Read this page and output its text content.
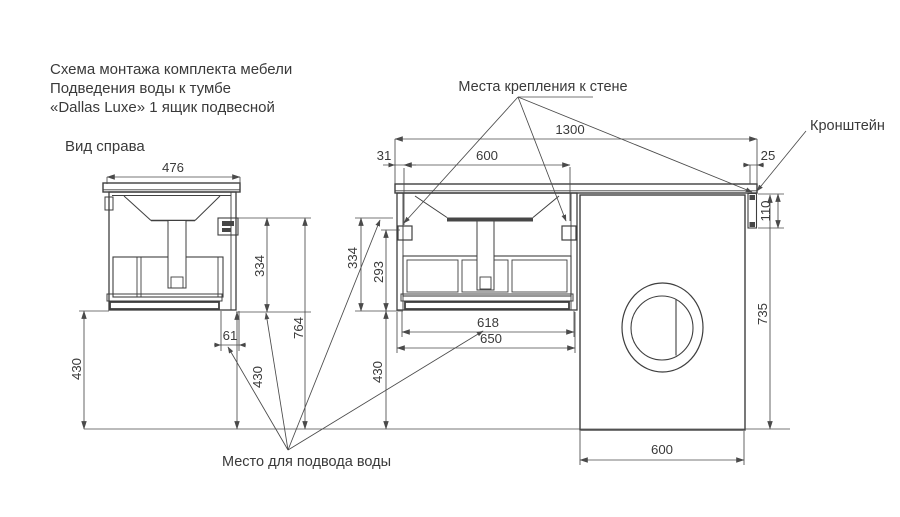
Схема монтажа комплекта мебели
Подведения воды к тумбе
«Dallas Luxe» 1 ящик подвесной
Вид справа
476
1300
31	600	25
61
334
764
430	430
334
293
430
618
650
110
735
600
Места крепления к стене
Кронштейн
Место для подвода воды
